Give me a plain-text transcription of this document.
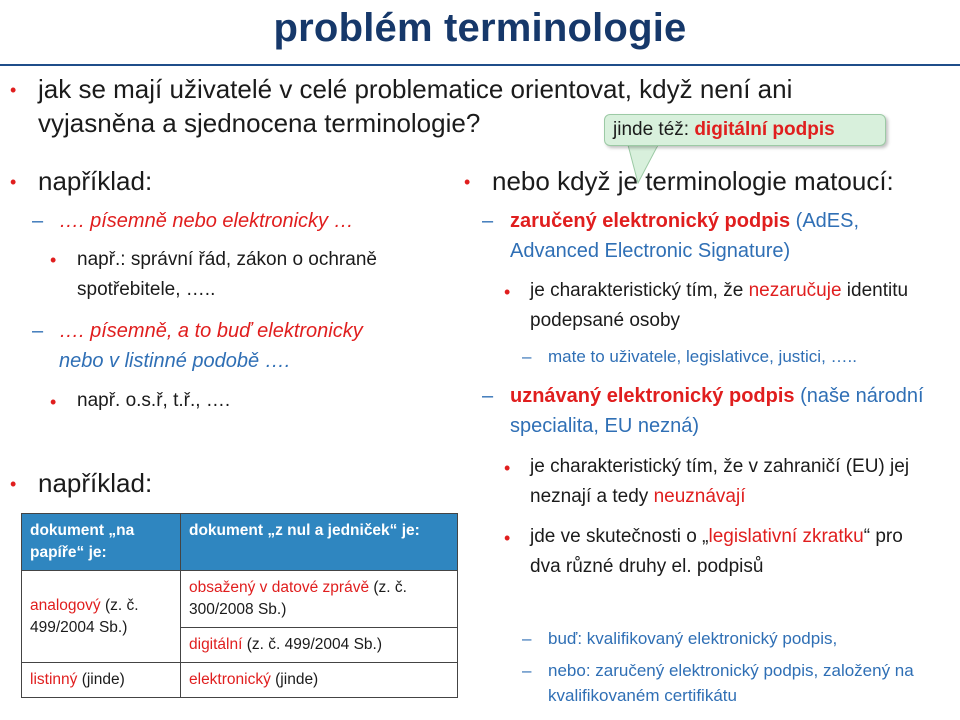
problém terminologie
• jak se mají uživatelé v celé problematice orientovat, když není ani vyjasněna a sjednocena terminologie?	jinde též: digitální podpis
• například:
– …. písemně nebo elektronicky …
• např.: správní řád, zákon o ochraně spotřebitele, …..
– …. písemně, a to buď elektronicky
nebo v listinné podobě ….
• např. o.s.ř, t.ř., ….
• například:
dokument „na papíře“ je:	dokument „z nul a jedniček“ je:
analogový (z. č. 499/2004 Sb.)	obsažený v datové zprávě (z. č. 300/2008 Sb.)
	digitální (z. č. 499/2004 Sb.)
listinný (jinde)	elektronický (jinde)
• nebo když je terminologie matoucí:
– zaručený elektronický podpis (AdES, Advanced Electronic Signature)
• je charakteristický tím, že nezaručuje identitu podepsané osoby
– mate to uživatele, legislativce, justici, …..
– uznávaný elektronický podpis (naše národní specialita, EU nezná)
• je charakteristický tím, že v zahraničí (EU) jej neznají a tedy neuznávají
• jde ve skutečnosti o „legislativní zkratku“ pro dva různé druhy el. podpisů
– buď: kvalifikovaný elektronický podpis,
– nebo: zaručený elektronický podpis, založený na kvalifikovaném certifikátu
